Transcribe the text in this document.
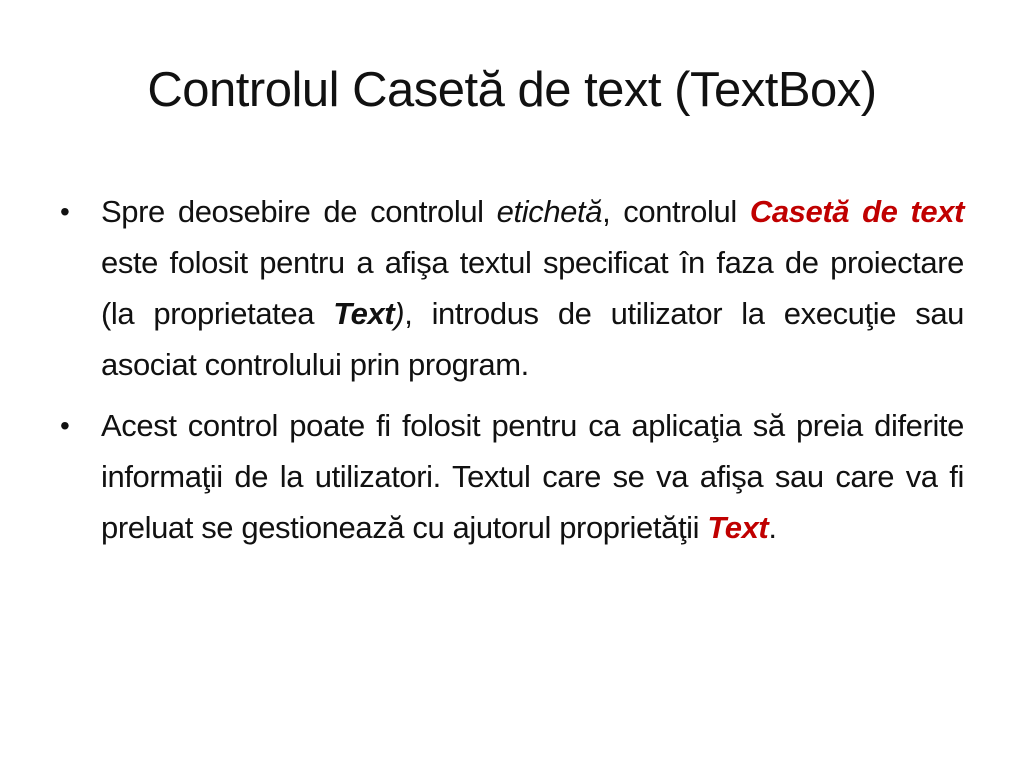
Controlul Casetă de text (TextBox)
• Spre deosebire de controlul etichetă, controlul Casetă de text este folosit pentru a afişa textul specificat în faza de proiectare (la proprietatea Text), introdus de utilizator la execuţie sau asociat controlului prin program.
• Acest control poate fi folosit pentru ca aplicaţia să preia diferite informaţii de la utilizatori. Textul care se va afişa sau care va fi preluat se gestionează cu ajutorul proprietăţii Text.
